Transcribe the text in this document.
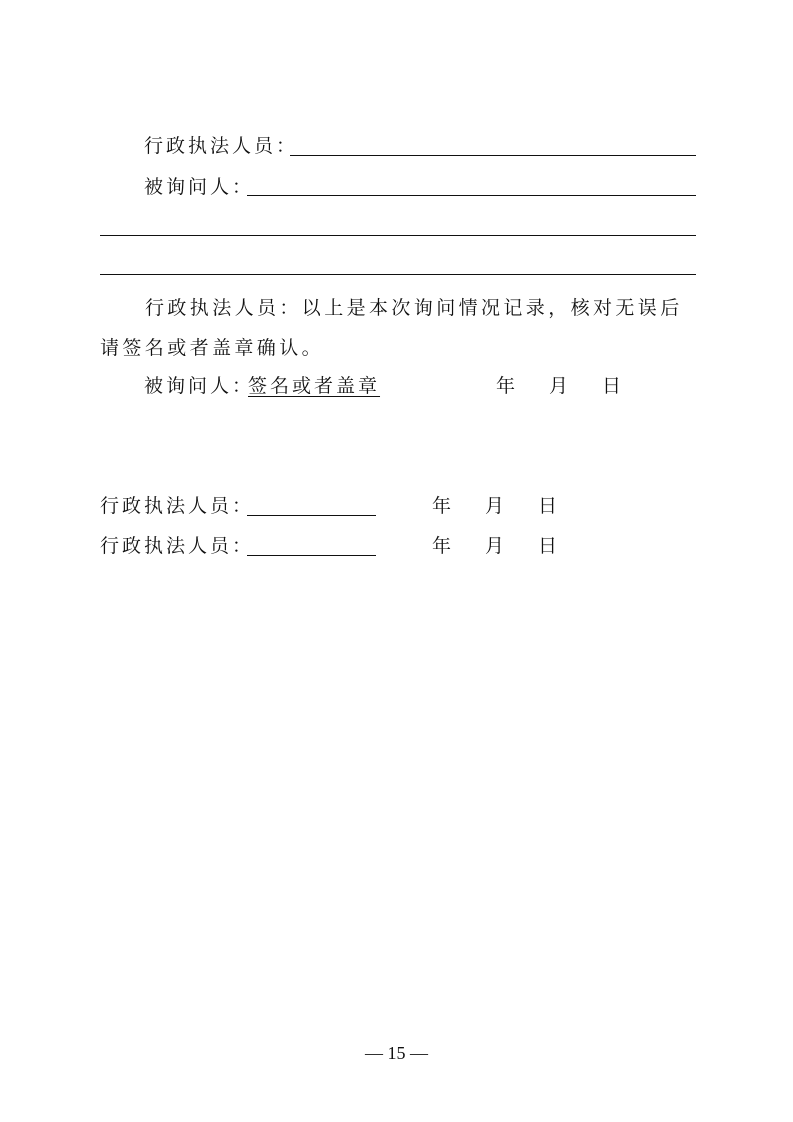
行政执法人员：
被询问人：
行政执法人员：以上是本次询问情况记录，核对无误后请签名或者盖章确认。
被询问人：
签名或者盖章	年 月 日
行政执法人员：	年 月 日
行政执法人员：	年 月 日
— 15 —
